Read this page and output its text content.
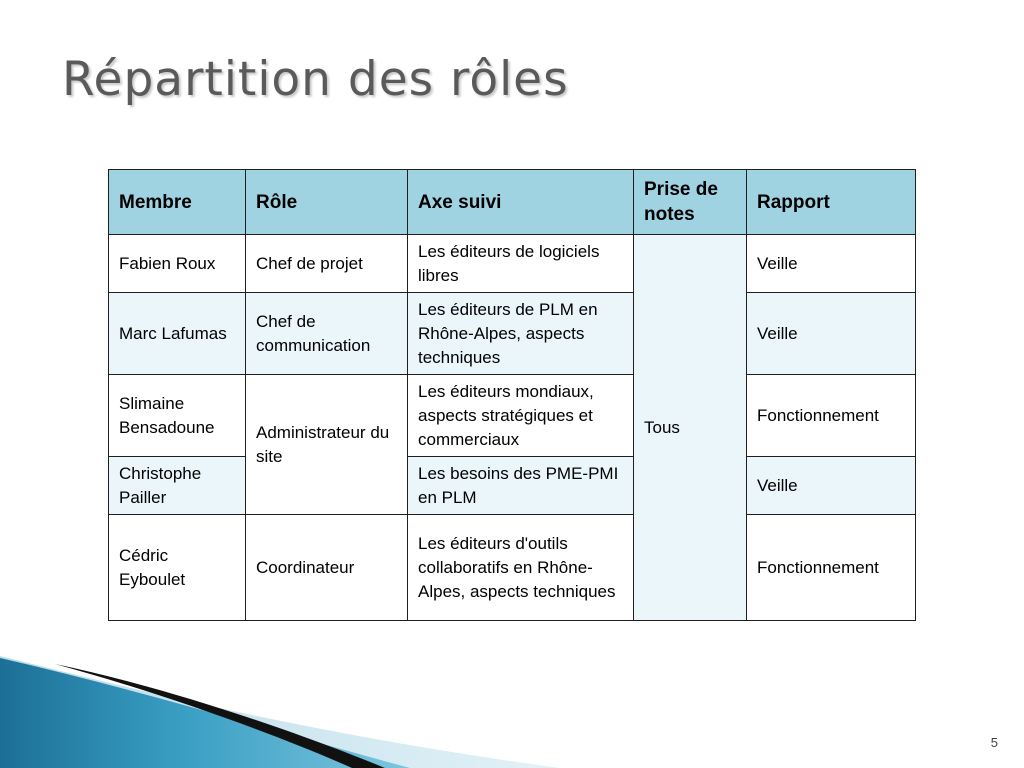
Répartition des rôles
Membre	Rôle	Axe suivi	Prise de notes	Rapport
Fabien Roux	Chef de projet	Les éditeurs de logiciels libres	Tous	Veille
Marc Lafumas	Chef de communication	Les éditeurs de PLM en Rhône-Alpes, aspects techniques		Veille
Slimaine Bensadoune	Administrateur du site	Les éditeurs mondiaux, aspects stratégiques et commerciaux		Fonctionnement
Christophe Pailler		Les besoins des PME-PMI en PLM		Veille
Cédric Eyboulet	Coordinateur	Les éditeurs d'outils collaboratifs en Rhône-Alpes, aspects techniques		Fonctionnement
5
